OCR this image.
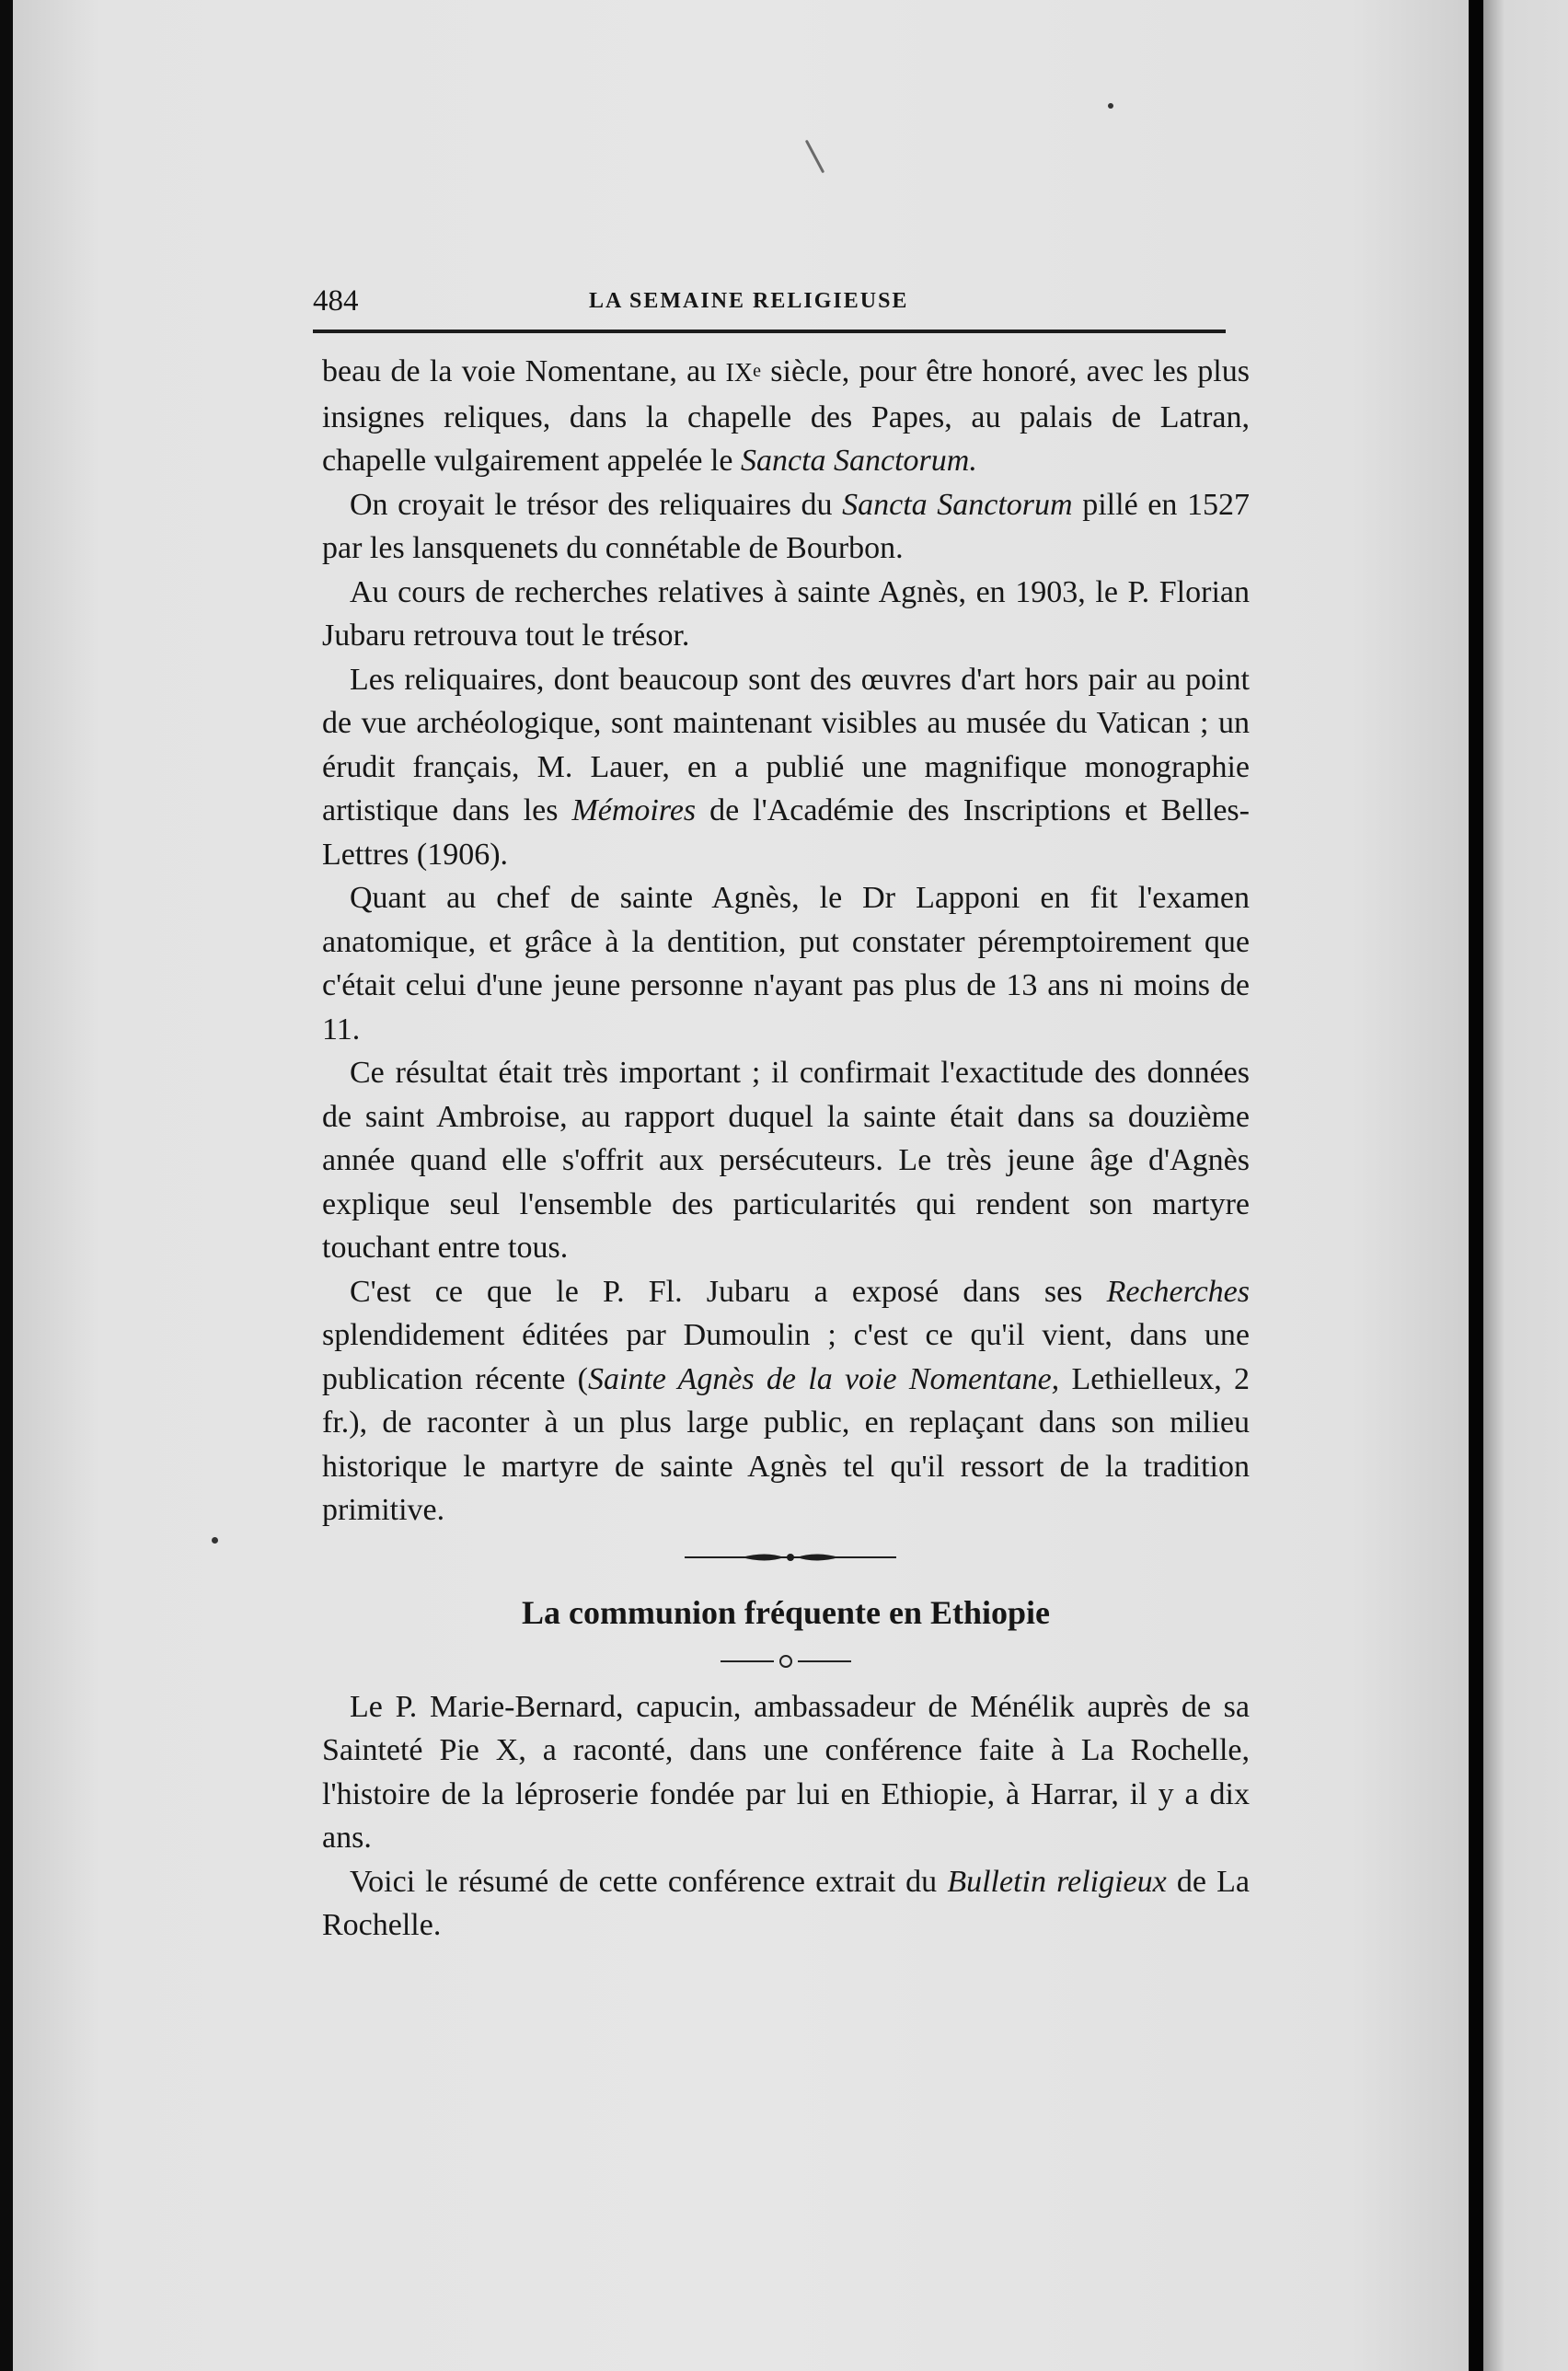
484	LA SEMAINE RELIGIEUSE

beau de la voie Nomentane, au IXe siècle, pour être honoré, avec les plus insignes reliques, dans la chapelle des Papes, au palais de Latran, chapelle vulgairement appelée le Sancta Sanctorum.

On croyait le trésor des reliquaires du Sancta Sanctorum pillé en 1527 par les lansquenets du connétable de Bourbon.

Au cours de recherches relatives à sainte Agnès, en 1903, le P. Florian Jubaru retrouva tout le trésor.

Les reliquaires, dont beaucoup sont des œuvres d'art hors pair au point de vue archéologique, sont maintenant visibles au musée du Vatican ; un érudit français, M. Lauer, en a publié une magnifique monographie artistique dans les Mémoires de l'Académie des Inscriptions et Belles-Lettres (1906).

Quant au chef de sainte Agnès, le Dr Lapponi en fit l'examen anatomique, et grâce à la dentition, put constater péremptoirement que c'était celui d'une jeune personne n'ayant pas plus de 13 ans ni moins de 11.

Ce résultat était très important ; il confirmait l'exactitude des données de saint Ambroise, au rapport duquel la sainte était dans sa douzième année quand elle s'offrit aux persécuteurs. Le très jeune âge d'Agnès explique seul l'ensemble des particularités qui rendent son martyre touchant entre tous.

C'est ce que le P. Fl. Jubaru a exposé dans ses Recherches splendidement éditées par Dumoulin ; c'est ce qu'il vient, dans une publication récente (Sainte Agnès de la voie Nomentane, Lethielleux, 2 fr.), de raconter à un plus large public, en replaçant dans son milieu historique le martyre de sainte Agnès tel qu'il ressort de la tradition primitive.

La communion fréquente en Ethiopie

Le P. Marie-Bernard, capucin, ambassadeur de Ménélik auprès de sa Sainteté Pie X, a raconté, dans une conférence faite à La Rochelle, l'histoire de la léproserie fondée par lui en Ethiopie, à Harrar, il y a dix ans.

Voici le résumé de cette conférence extrait du Bulletin religieux de La Rochelle.
